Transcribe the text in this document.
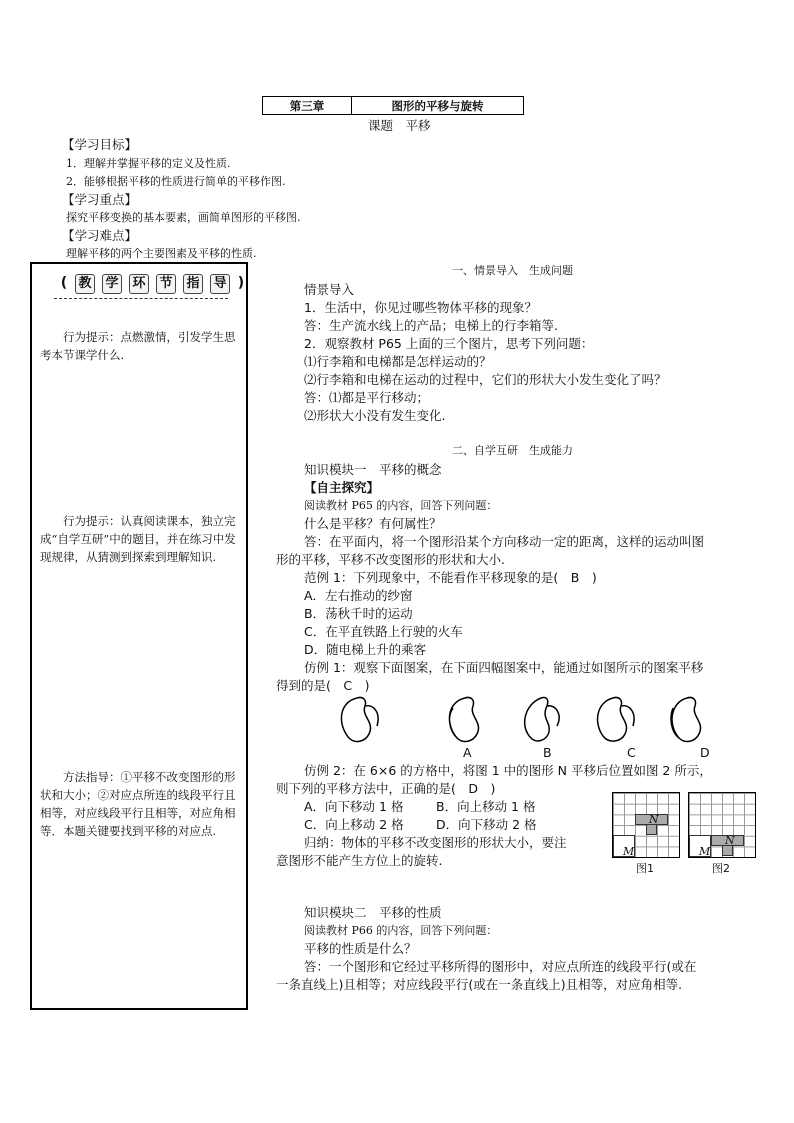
第三章	图形的平移与旋转
课题　平移
【学习目标】
1．理解并掌握平移的定义及性质.
2．能够根据平移的性质进行简单的平移作图.
【学习重点】
探究平移变换的基本要素，画简单图形的平移图.
【学习难点】
理解平移的两个主要图素及平移的性质.
( 教 学 环 节 指 导 )
行为提示：点燃激情，引发学生思考本节课学什么.
行为提示：认真阅读课本，独立完成“自学互研”中的题目，并在练习中发现规律，从猜测到探索到理解知识.
方法指导：①平移不改变图形的形状和大小；②对应点所连的线段平行且相等，对应线段平行且相等，对应角相等．本题关键要找到平移的对应点.
一、情景导入　生成问题
情景导入
1．生活中，你见过哪些物体平移的现象？
答：生产流水线上的产品；电梯上的行李箱等.
2．观察教材 P65 上面的三个图片，思考下列问题：
⑴行李箱和电梯都是怎样运动的？
⑵行李箱和电梯在运动的过程中，它们的形状大小发生变化了吗？
答：⑴都是平行移动；
⑵形状大小没有发生变化.
二、自学互研　生成能力
知识模块一　平移的概念
【自主探究】
阅读教材 P65 的内容，回答下列问题：
什么是平移？有何属性？
答：在平面内，将一个图形沿某个方向移动一定的距离，这样的运动叫图
形的平移，平移不改变图形的形状和大小.
范例 1：下列现象中，不能看作平移现象的是(　B　)
A．左右推动的纱窗
B．荡秋千时的运动
C．在平直铁路上行驶的火车
D．随电梯上升的乘客
仿例 1：观察下面图案，在下面四幅图案中，能通过如图所示的图案平移
得到的是(　C　)
A	B	C	D
仿例 2：在 6×6 的方格中，将图 1 中的图形 N 平移后位置如图 2 所示，
则下列的平移方法中，正确的是(　D　)
A．向下移动 1 格	B．向上移动 1 格
C．向上移动 2 格	D．向下移动 2 格
归纳：物体的平移不改变图形的形状大小，要注
意图形不能产生方位上的旋转.
N
M
N
M
图1	图2
知识模块二　平移的性质
阅读教材 P66 的内容，回答下列问题：
平移的性质是什么？
答：一个图形和它经过平移所得的图形中，对应点所连的线段平行(或在
一条直线上)且相等；对应线段平行(或在一条直线上)且相等，对应角相等.
